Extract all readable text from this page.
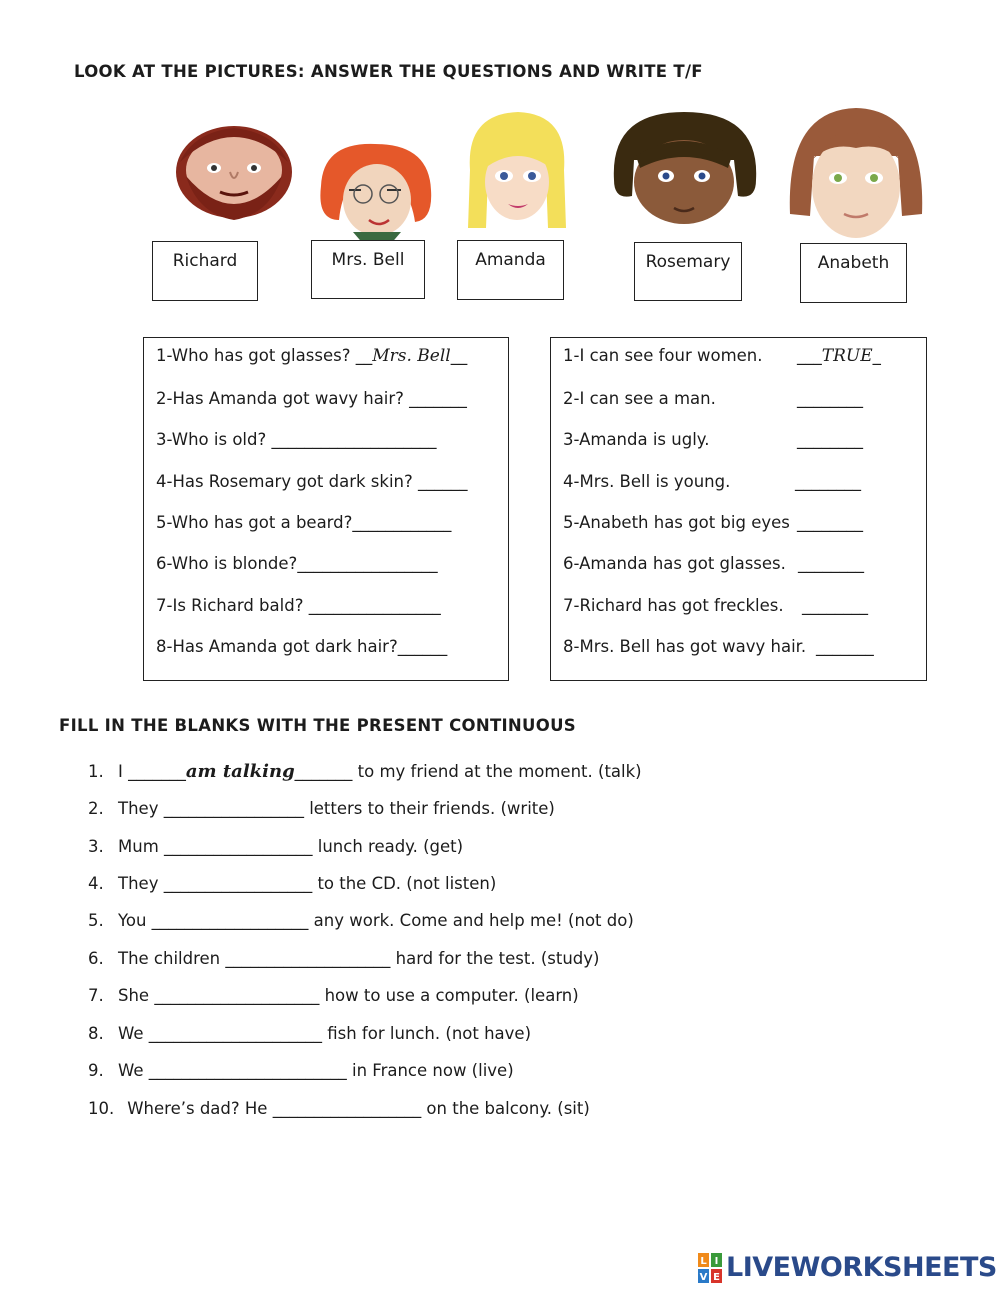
LOOK AT THE PICTURES: ANSWER THE QUESTIONS AND WRITE T/F
Richard	Mrs. Bell	Amanda	Rosemary	Anabeth
1-Who has got glasses? __Mrs. Bell__
2-Has Amanda got wavy hair? _______
3-Who is old? ____________________
4-Has Rosemary got dark skin? ______
5-Who has got a beard?____________
6-Who is blonde?_________________
7-Is Richard bald? ________________
8-Has Amanda got dark hair?______
1-I can see four women. ___TRUE_
2-I can see a man.	________
3-Amanda is ugly.	________
4-Mrs. Bell is young.	________
5-Anabeth has got big eyes ________
6-Amanda has got glasses. ________
7-Richard has got freckles. ________
8-Mrs. Bell has got wavy hair. _______
FILL IN THE BLANKS WITH THE PRESENT CONTINUOUS
1. I _______am talking_______ to my friend at the moment. (talk)
2. They _________________ letters to their friends. (write)
3. Mum __________________ lunch ready. (get)
4. They __________________ to the CD. (not listen)
5. You ___________________ any work. Come and help me! (not do)
6. The children ____________________ hard for the test. (study)
7. She ____________________ how to use a computer. (learn)
8. We _____________________ fish for lunch. (not have)
9. We ________________________ in France now (live)
10. Where’s dad? He __________________ on the balcony. (sit)
L I
V E LIVEWORKSHEETS
